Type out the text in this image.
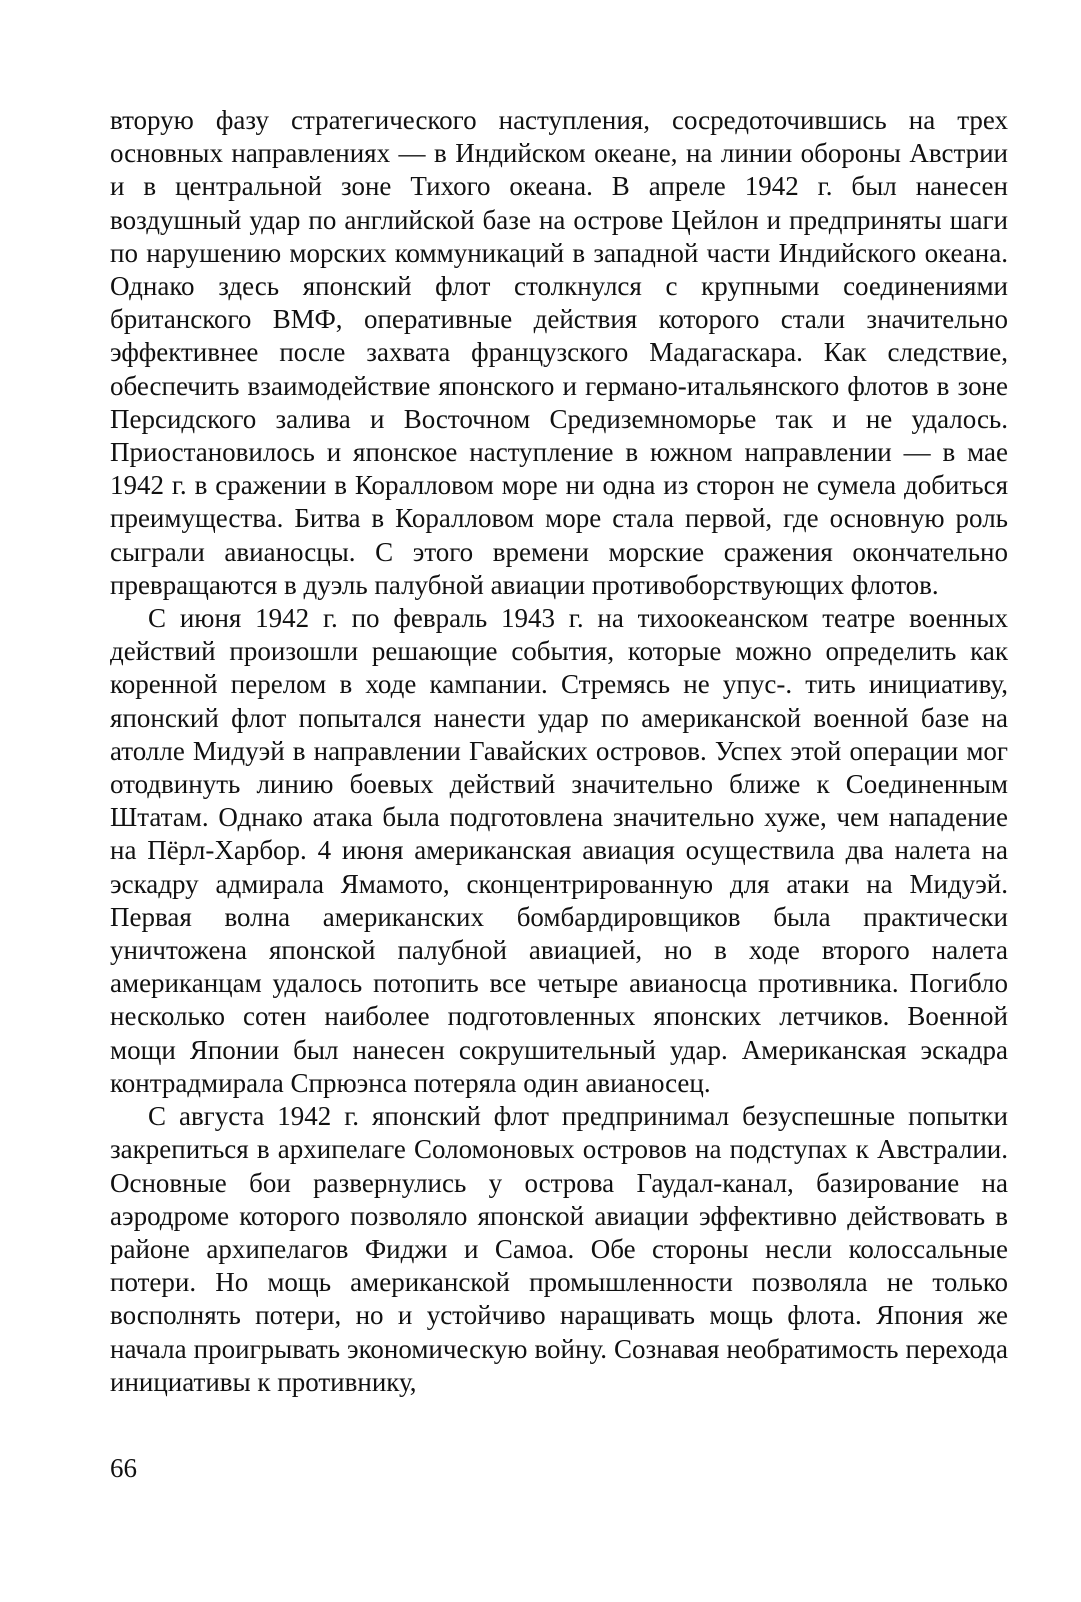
вторую фазу стратегического наступления, сосредоточившись на трех основных направлениях — в Индийском океане, на линии обороны Австрии и в центральной зоне Тихого океана. В апреле 1942 г. был нанесен воздушный удар по английской базе на острове Цейлон и предприняты шаги по нарушению морских коммуникаций в западной части Индийского океана. Однако здесь японский флот столкнулся с крупными соединениями британского ВМФ, оперативные действия которого стали значительно эффективнее после захвата французского Мадагаскара. Как следствие, обеспечить взаимодействие японского и германо-итальянского флотов в зоне Персидского залива и Восточном Средиземноморье так и не удалось. Приостановилось и японское наступление в южном направлении — в мае 1942 г. в сражении в Коралловом море ни одна из сторон не сумела добиться преимущества. Битва в Коралловом море стала первой, где основную роль сыграли авианосцы. С этого времени морские сражения окончательно превращаются в дуэль палубной авиации противоборствующих флотов.

С июня 1942 г. по февраль 1943 г. на тихоокеанском театре военных действий произошли решающие события, которые можно определить как коренной перелом в ходе кампании. Стремясь не упус-. тить инициативу, японский флот попытался нанести удар по американской военной базе на атолле Мидуэй в направлении Гавайских островов. Успех этой операции мог отодвинуть линию боевых действий значительно ближе к Соединенным Штатам. Однако атака была подготовлена значительно хуже, чем нападение на Пёрл-Харбор. 4 июня американская авиация осуществила два налета на эскадру адмирала Ямамото, сконцентрированную для атаки на Мидуэй. Первая волна американских бомбардировщиков была практически уничтожена японской палубной авиацией, но в ходе второго налета американцам удалось потопить все четыре авианосца противника. Погибло несколько сотен наиболее подготовленных японских летчиков. Военной мощи Японии был нанесен сокрушительный удар. Американская эскадра контрадмирала Спрюэнса потеряла один авианосец.

С августа 1942 г. японский флот предпринимал безуспешные попытки закрепиться в архипелаге Соломоновых островов на подступах к Австралии. Основные бои развернулись у острова Гаудал-канал, базирование на аэродроме которого позволяло японской авиации эффективно действовать в районе архипелагов Фиджи и Самоа. Обе стороны несли колоссальные потери. Но мощь американской промышленности позволяла не только восполнять потери, но и устойчиво наращивать мощь флота. Япония же начала проигрывать экономическую войну. Сознавая необратимость перехода инициативы к противнику,

66
